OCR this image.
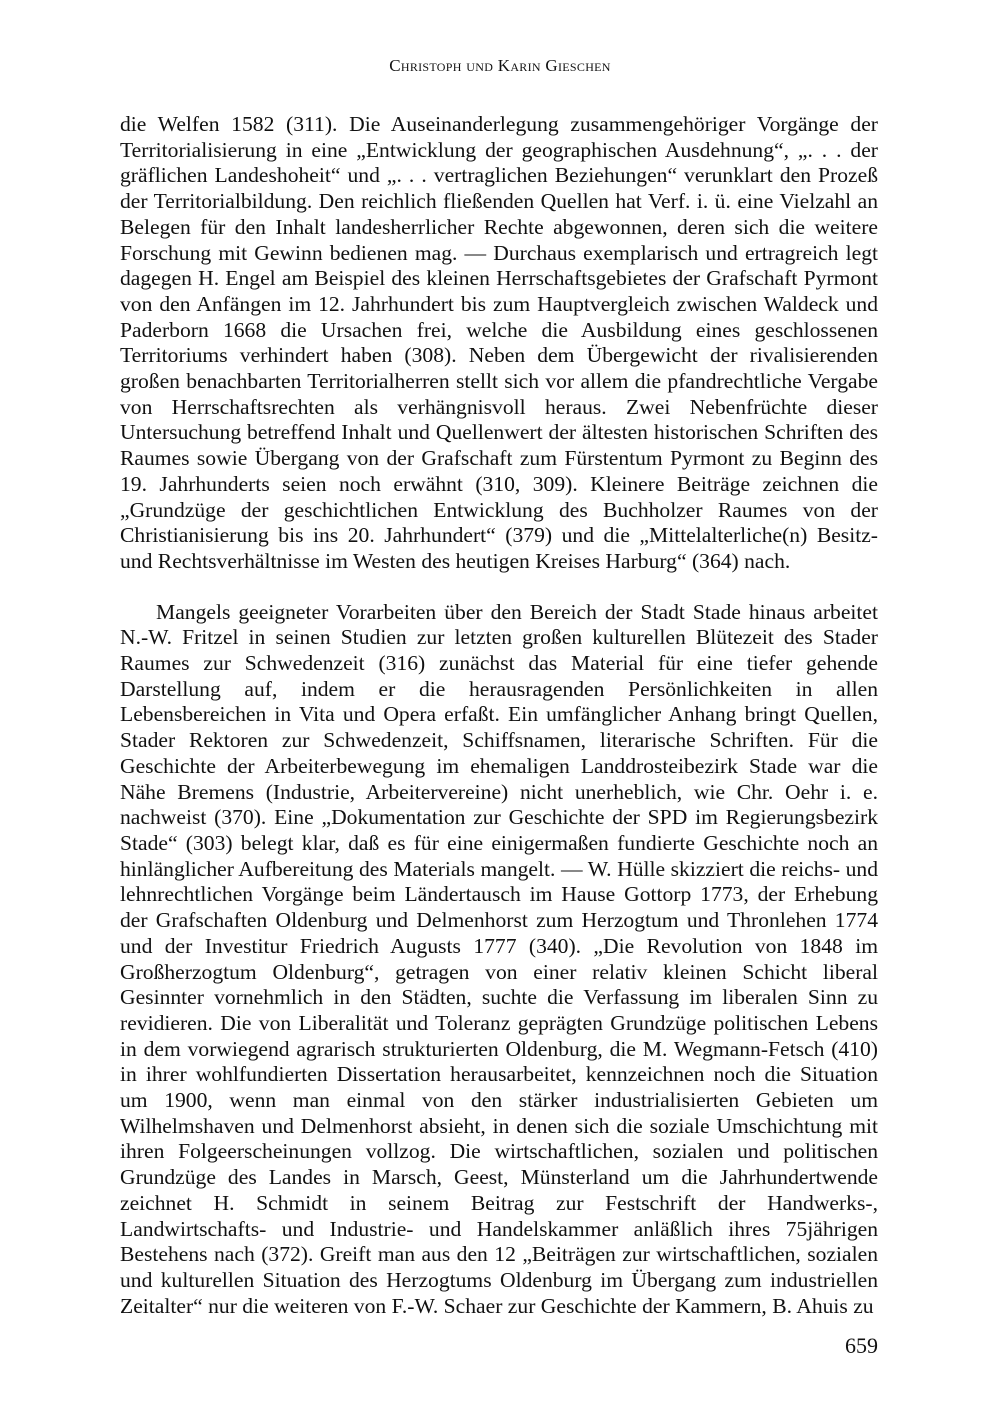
Christoph und Karin Gieschen

die Welfen 1582 (311). Die Auseinanderlegung zusammengehöriger Vorgänge der Territorialisierung in eine „Entwicklung der geographischen Ausdehnung“, „. . . der gräflichen Landeshoheit“ und „. . . vertraglichen Beziehungen“ verunklart den Prozeß der Territorialbildung. Den reichlich fließenden Quellen hat Verf. i. ü. eine Vielzahl an Belegen für den Inhalt landesherrlicher Rechte abgewonnen, deren sich die weitere Forschung mit Gewinn bedienen mag. — Durchaus exemplarisch und ertragreich legt dagegen H. Engel am Beispiel des kleinen Herrschaftsgebietes der Grafschaft Pyrmont von den Anfängen im 12. Jahrhundert bis zum Hauptvergleich zwischen Waldeck und Paderborn 1668 die Ursachen frei, welche die Ausbildung eines geschlossenen Territoriums verhindert haben (308). Neben dem Übergewicht der rivalisierenden großen benachbarten Territorialherren stellt sich vor allem die pfandrechtliche Vergabe von Herrschaftsrechten als verhängnisvoll heraus. Zwei Nebenfrüchte dieser Untersuchung betreffend Inhalt und Quellenwert der ältesten historischen Schriften des Raumes sowie Übergang von der Grafschaft zum Fürstentum Pyrmont zu Beginn des 19. Jahrhunderts seien noch erwähnt (310, 309). Kleinere Beiträge zeichnen die „Grundzüge der geschichtlichen Entwicklung des Buchholzer Raumes von der Christianisierung bis ins 20. Jahrhundert“ (379) und die „Mittelalterliche(n) Besitz- und Rechtsverhältnisse im Westen des heutigen Kreises Harburg“ (364) nach.

Mangels geeigneter Vorarbeiten über den Bereich der Stadt Stade hinaus arbeitet N.-W. Fritzel in seinen Studien zur letzten großen kulturellen Blütezeit des Stader Raumes zur Schwedenzeit (316) zunächst das Material für eine tiefer gehende Darstellung auf, indem er die herausragenden Persönlichkeiten in allen Lebensbereichen in Vita und Opera erfaßt. Ein umfänglicher Anhang bringt Quellen, Stader Rektoren zur Schwedenzeit, Schiffsnamen, literarische Schriften. Für die Geschichte der Arbeiterbewegung im ehemaligen Landdrosteibezirk Stade war die Nähe Bremens (Industrie, Arbeitervereine) nicht unerheblich, wie Chr. Oehr i. e. nachweist (370). Eine „Dokumentation zur Geschichte der SPD im Regierungsbezirk Stade“ (303) belegt klar, daß es für eine einigermaßen fundierte Geschichte noch an hinlänglicher Aufbereitung des Materials mangelt. — W. Hülle skizziert die reichs- und lehnrechtlichen Vorgänge beim Ländertausch im Hause Gottorp 1773, der Erhebung der Grafschaften Oldenburg und Delmenhorst zum Herzogtum und Thronlehen 1774 und der Investitur Friedrich Augusts 1777 (340). „Die Revolution von 1848 im Großherzogtum Oldenburg“, getragen von einer relativ kleinen Schicht liberal Gesinnter vornehmlich in den Städten, suchte die Verfassung im liberalen Sinn zu revidieren. Die von Liberalität und Toleranz geprägten Grundzüge politischen Lebens in dem vorwiegend agrarisch strukturierten Oldenburg, die M. Wegmann-Fetsch (410) in ihrer wohlfundierten Dissertation herausarbeitet, kennzeichnen noch die Situation um 1900, wenn man einmal von den stärker industrialisierten Gebieten um Wilhelmshaven und Delmenhorst absieht, in denen sich die soziale Umschichtung mit ihren Folgeerscheinungen vollzog. Die wirtschaftlichen, sozialen und politischen Grundzüge des Landes in Marsch, Geest, Münsterland um die Jahrhundertwende zeichnet H. Schmidt in seinem Beitrag zur Festschrift der Handwerks-, Landwirtschafts- und Industrie- und Handelskammer anläßlich ihres 75jährigen Bestehens nach (372). Greift man aus den 12 „Beiträgen zur wirtschaftlichen, sozialen und kulturellen Situation des Herzogtums Oldenburg im Übergang zum industriellen Zeitalter“ nur die weiteren von F.-W. Schaer zur Geschichte der Kammern, B. Ahuis zu

659
